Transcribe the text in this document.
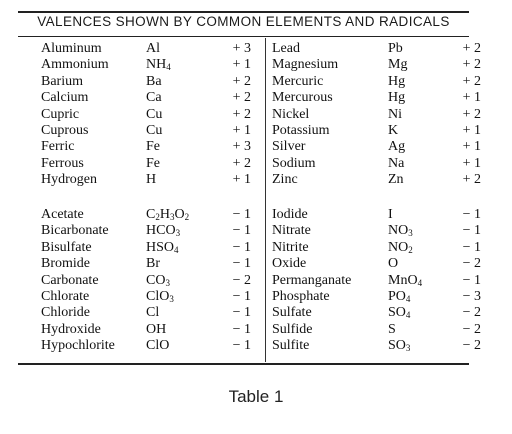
VALENCES SHOWN BY COMMON ELEMENTS AND RADICALS
Aluminum	Al	+ 3 Lead	Pb	+ 2
Ammonium	$NH_4$	+ 1 Magnesium	Mg	+ 2
Barium	Ba	+ 2 Mercuric	Hg	+ 2
Calcium	Ca	+ 2 Mercurous	Hg	+ 1
Cupric	Cu	+ 2 Nickel	Ni	+ 2
Cuprous	Cu	+ 1 Potassium	K	+ 1
Ferric	Fe	+ 3 Silver	Ag	+ 1
Ferrous	Fe	+ 2 Sodium	Na	+ 1
Hydrogen	H	+ 1 Zinc	Zn	+ 2
Acetate	$C_2H_3O_2$	− 1 Iodide	I	− 1
Bicarbonate	$HCO_3$	− 1 Nitrate	$NO_3$	− 1
Bisulfate	$HSO_4$	− 1 Nitrite	$NO_2$	− 1
Bromide	Br	− 1 Oxide	O	− 2
Carbonate	$CO_3$	− 2 Permanganate	MnO$_4$	− 1
Chlorate	ClO$_3$	− 1 Phosphate	$PO_4$	− 3
Chloride	Cl	− 1 Sulfate	$SO_4$	− 2
Hydroxide	OH	− 1 Sulfide	S	− 2
Hypochlorite ClO	− 1 Sulfite	$SO_3$	− 2
Table 1
